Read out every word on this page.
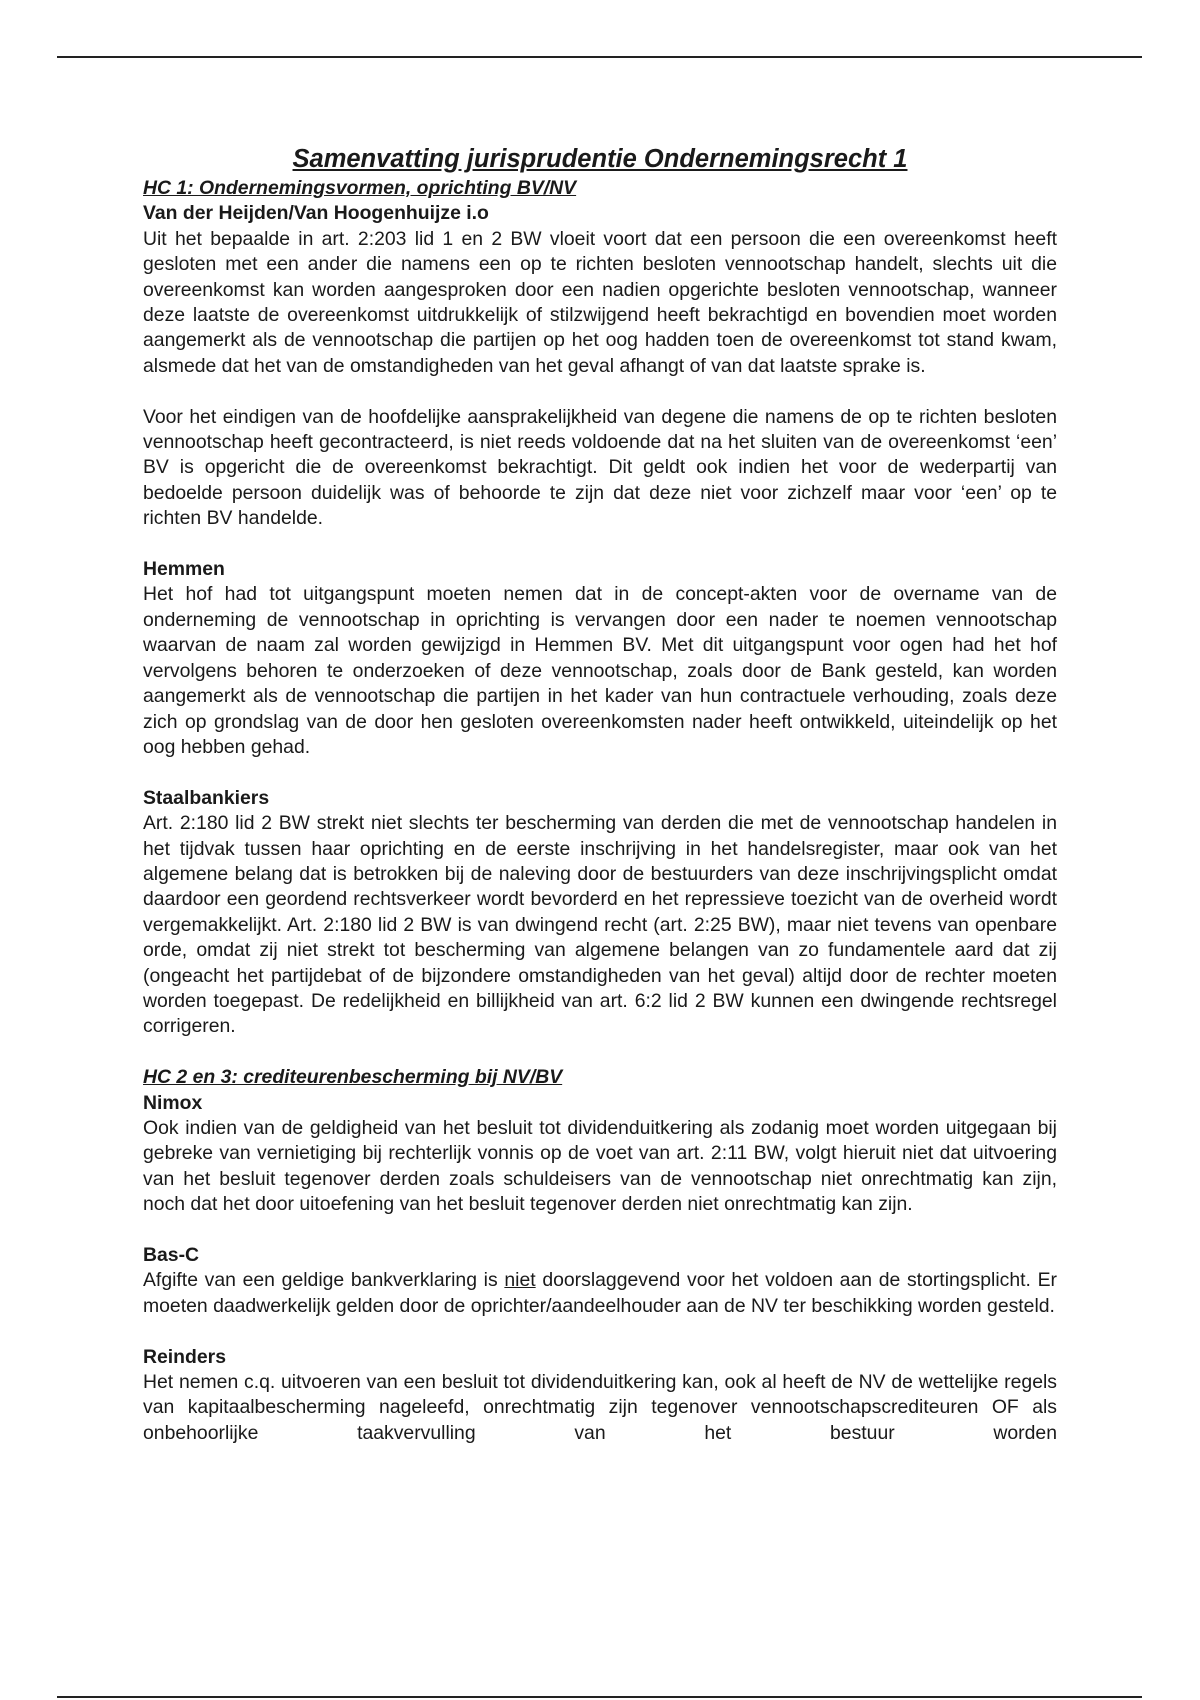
Samenvatting jurisprudentie Ondernemingsrecht 1
HC 1: Ondernemingsvormen, oprichting BV/NV
Van der Heijden/Van Hoogenhuijze i.o

Uit het bepaalde in art. 2:203 lid 1 en 2 BW vloeit voort dat een persoon die een overeenkomst heeft gesloten met een ander die namens een op te richten besloten vennootschap handelt, slechts uit die overeenkomst kan worden aangesproken door een nadien opgerichte besloten vennootschap, wanneer deze laatste de overeenkomst uitdrukkelijk of stilzwijgend heeft bekrachtigd en bovendien moet worden aangemerkt als de vennootschap die partijen op het oog hadden toen de overeenkomst tot stand kwam, alsmede dat het van de omstandigheden van het geval afhangt of van dat laatste sprake is.

Voor het eindigen van de hoofdelijke aansprakelijkheid van degene die namens de op te richten besloten vennootschap heeft gecontracteerd, is niet reeds voldoende dat na het sluiten van de overeenkomst ‘een’ BV is opgericht die de overeenkomst bekrachtigt. Dit geldt ook indien het voor de wederpartij van bedoelde persoon duidelijk was of behoorde te zijn dat deze niet voor zichzelf maar voor ‘een’ op te richten BV handelde.

Hemmen

Het hof had tot uitgangspunt moeten nemen dat in de concept-akten voor de overname van de onderneming de vennootschap in oprichting is vervangen door een nader te noemen vennootschap waarvan de naam zal worden gewijzigd in Hemmen BV. Met dit uitgangspunt voor ogen had het hof vervolgens behoren te onderzoeken of deze vennootschap, zoals door de Bank gesteld, kan worden aangemerkt als de vennootschap die partijen in het kader van hun contractuele verhouding, zoals deze zich op grondslag van de door hen gesloten overeenkomsten nader heeft ontwikkeld, uiteindelijk op het oog hebben gehad.

Staalbankiers

Art. 2:180 lid 2 BW strekt niet slechts ter bescherming van derden die met de vennootschap handelen in het tijdvak tussen haar oprichting en de eerste inschrijving in het handelsregister, maar ook van het algemene belang dat is betrokken bij de naleving door de bestuurders van deze inschrijvingsplicht omdat daardoor een geordend rechtsverkeer wordt bevorderd en het repressieve toezicht van de overheid wordt vergemakkelijkt. Art. 2:180 lid 2 BW is van dwingend recht (art. 2:25 BW), maar niet tevens van openbare orde, omdat zij niet strekt tot bescherming van algemene belangen van zo fundamentele aard dat zij (ongeacht het partijdebat of de bijzondere omstandigheden van het geval) altijd door de rechter moeten worden toegepast. De redelijkheid en billijkheid van art. 6:2 lid 2 BW kunnen een dwingende rechtsregel corrigeren.

HC 2 en 3: crediteurenbescherming bij NV/BV
Nimox

Ook indien van de geldigheid van het besluit tot dividenduitkering als zodanig moet worden uitgegaan bij gebreke van vernietiging bij rechterlijk vonnis op de voet van art. 2:11 BW, volgt hieruit niet dat uitvoering van het besluit tegenover derden zoals schuldeisers van de vennootschap niet onrechtmatig kan zijn, noch dat het door uitoefening van het besluit tegenover derden niet onrechtmatig kan zijn.

Bas-C

Afgifte van een geldige bankverklaring is niet doorslaggevend voor het voldoen aan de stortingsplicht. Er moeten daadwerkelijk gelden door de oprichter/aandeelhouder aan de NV ter beschikking worden gesteld.

Reinders

Het nemen c.q. uitvoeren van een besluit tot dividenduitkering kan, ook al heeft de NV de wettelijke regels van kapitaalbescherming nageleefd, onrechtmatig zijn tegenover vennootschapscrediteuren OF als onbehoorlijke taakvervulling van het bestuur worden
